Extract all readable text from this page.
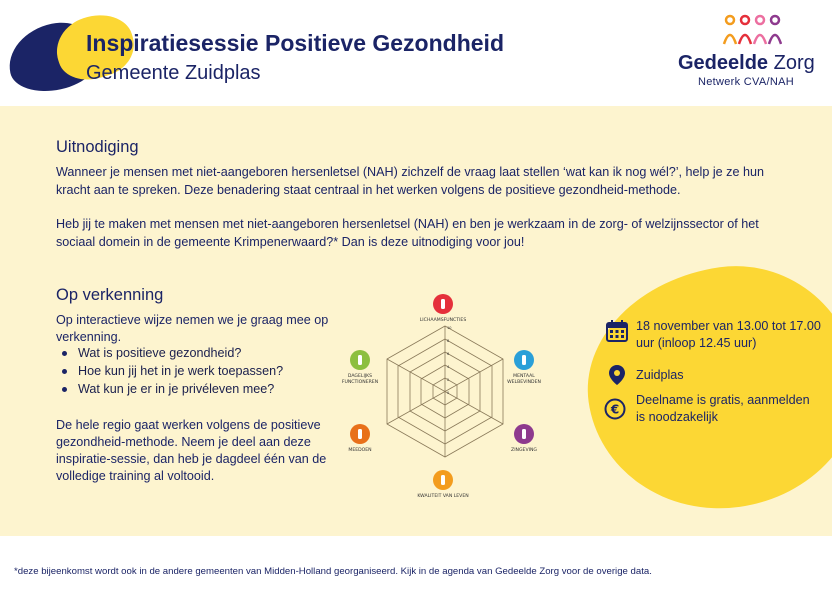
Inspiratiesessie Positieve Gezondheid
Gemeente Zuidplas	Gedeelde Zorg
Netwerk CVA/NAH
Uitnodiging
Wanneer je mensen met niet-aangeboren hersenletsel (NAH) zichzelf de vraag laat stellen ‘wat kan ik nog wél?’, help je ze hun
kracht aan te spreken. Deze benadering staat centraal in het werken volgens de positieve gezondheid-methode.
Heb jij te maken met mensen met niet-aangeboren hersenletsel (NAH) en ben je werkzaam in de zorg- of welzijnssector of het
sociaal domein in de gemeente Krimpenerwaard?* Dan is deze uitnodiging voor jou!
Op verkenning
Op interactieve wijze nemen we je graag mee op
verkenning.
Wat is positieve gezondheid?
Hoe kun jij het in je werk toepassen?
Wat kun je er in je privéleven mee?
De hele regio gaat werken volgens de positieve
gezondheid-methode. Neem je deel aan deze
inspiratie-sessie, dan heb je dagdeel één van de
volledige training al voltooid.
10
8
6
4
2
0
LICHAAMSFUNCTIES
MENTAAL
WELBEVINDEN
ZINGEVING
KWALITEIT VAN LEVEN
MEEDOEN
DAGELIJKS
FUNCTIONEREN
18 november van 13.00 tot 17.00
uur (inloop 12.45 uur)
Zuidplas
€
Deelname is gratis, aanmelden
is noodzakelijk
*deze bijeenkomst wordt ook in de andere gemeenten van Midden-Holland georganiseerd. Kijk in de agenda van Gedeelde Zorg voor de overige data.
